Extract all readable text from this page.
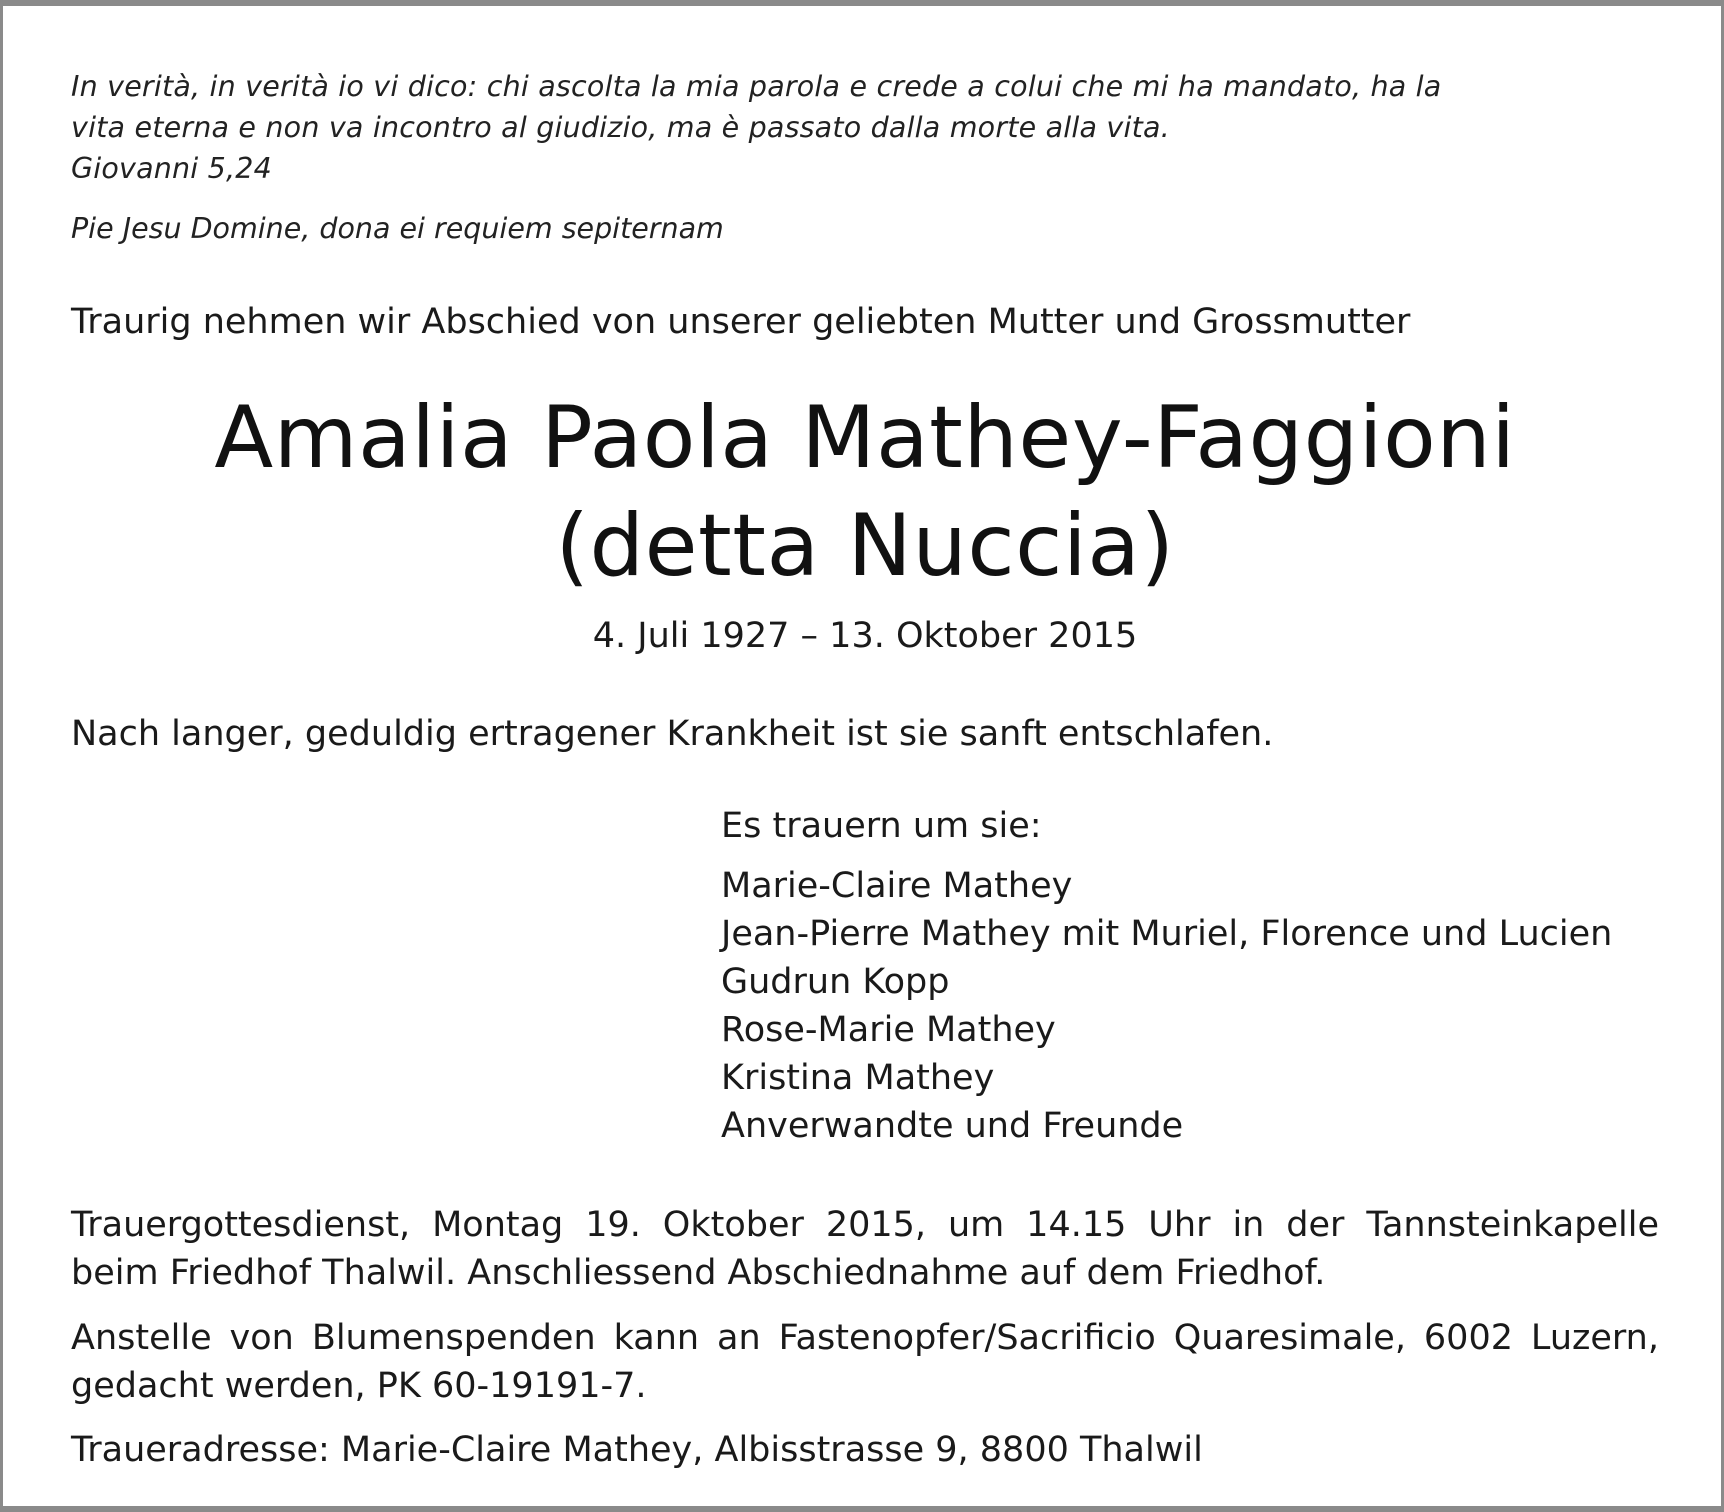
In verità, in verità io vi dico: chi ascolta la mia parola e crede a colui che mi ha mandato, ha la
vita eterna e non va incontro al giudizio, ma è passato dalla morte alla vita.
Giovanni 5,24
Pie Jesu Domine, dona ei requiem sepiternam
Traurig nehmen wir Abschied von unserer geliebten Mutter und Grossmutter
Amalia Paola Mathey-Faggioni
(detta Nuccia)
4. Juli 1927 – 13. Oktober 2015
Nach langer, geduldig ertragener Krankheit ist sie sanft entschlafen.
Es trauern um sie:
Marie-Claire Mathey
Jean-Pierre Mathey mit Muriel, Florence und Lucien
Gudrun Kopp
Rose-Marie Mathey
Kristina Mathey
Anverwandte und Freunde
Trauergottesdienst, Montag 19. Oktober 2015, um 14.15 Uhr in der Tannsteinkapelle
beim Friedhof Thalwil. Anschliessend Abschiednahme auf dem Friedhof.
Anstelle von Blumenspenden kann an Fastenopfer/Sacrificio Quaresimale, 6002 Luzern,
gedacht werden, PK 60-19191-7.
Traueradresse: Marie-Claire Mathey, Albisstrasse 9, 8800 Thalwil
